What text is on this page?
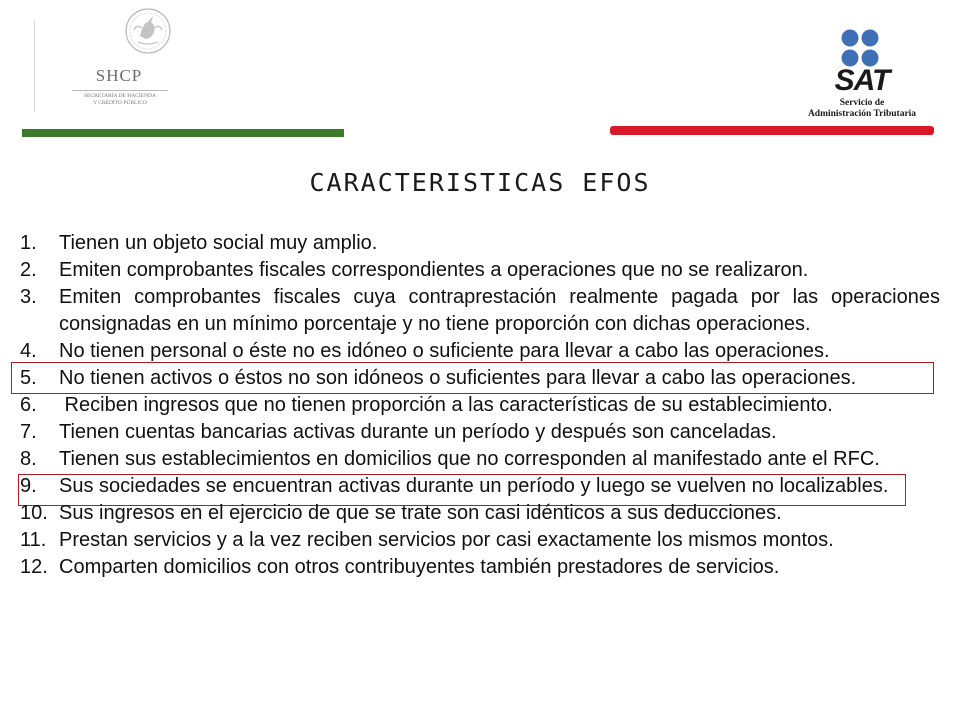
SHCP
SECRETARÍA DE HACIENDA
Y CRÉDITO PÚBLICO
SAT
Servicio de
Administración Tributaria
CARACTERISTICAS EFOS
1. Tienen un objeto social muy amplio.
2. Emiten comprobantes fiscales correspondientes a operaciones que no se realizaron.
3. Emiten comprobantes fiscales cuya contraprestación realmente pagada por las operaciones consignadas en un mínimo porcentaje y no tiene proporción con dichas operaciones.
4. No tienen personal o éste no es idóneo o suficiente para llevar a cabo las operaciones.
5. No tienen activos o éstos no son idóneos o suficientes para llevar a cabo las operaciones.
6. Reciben ingresos que no tienen proporción a las características de su establecimiento.
7. Tienen cuentas bancarias activas durante un período y después son canceladas.
8. Tienen sus establecimientos en domicilios que no corresponden al manifestado ante el RFC.
9. Sus sociedades se encuentran activas durante un período y luego se vuelven no localizables.
10. Sus ingresos en el ejercicio de que se trate son casi idénticos a sus deducciones.
11. Prestan servicios y a la vez reciben servicios por casi exactamente los mismos montos.
12. Comparten domicilios con otros contribuyentes también prestadores de servicios.
